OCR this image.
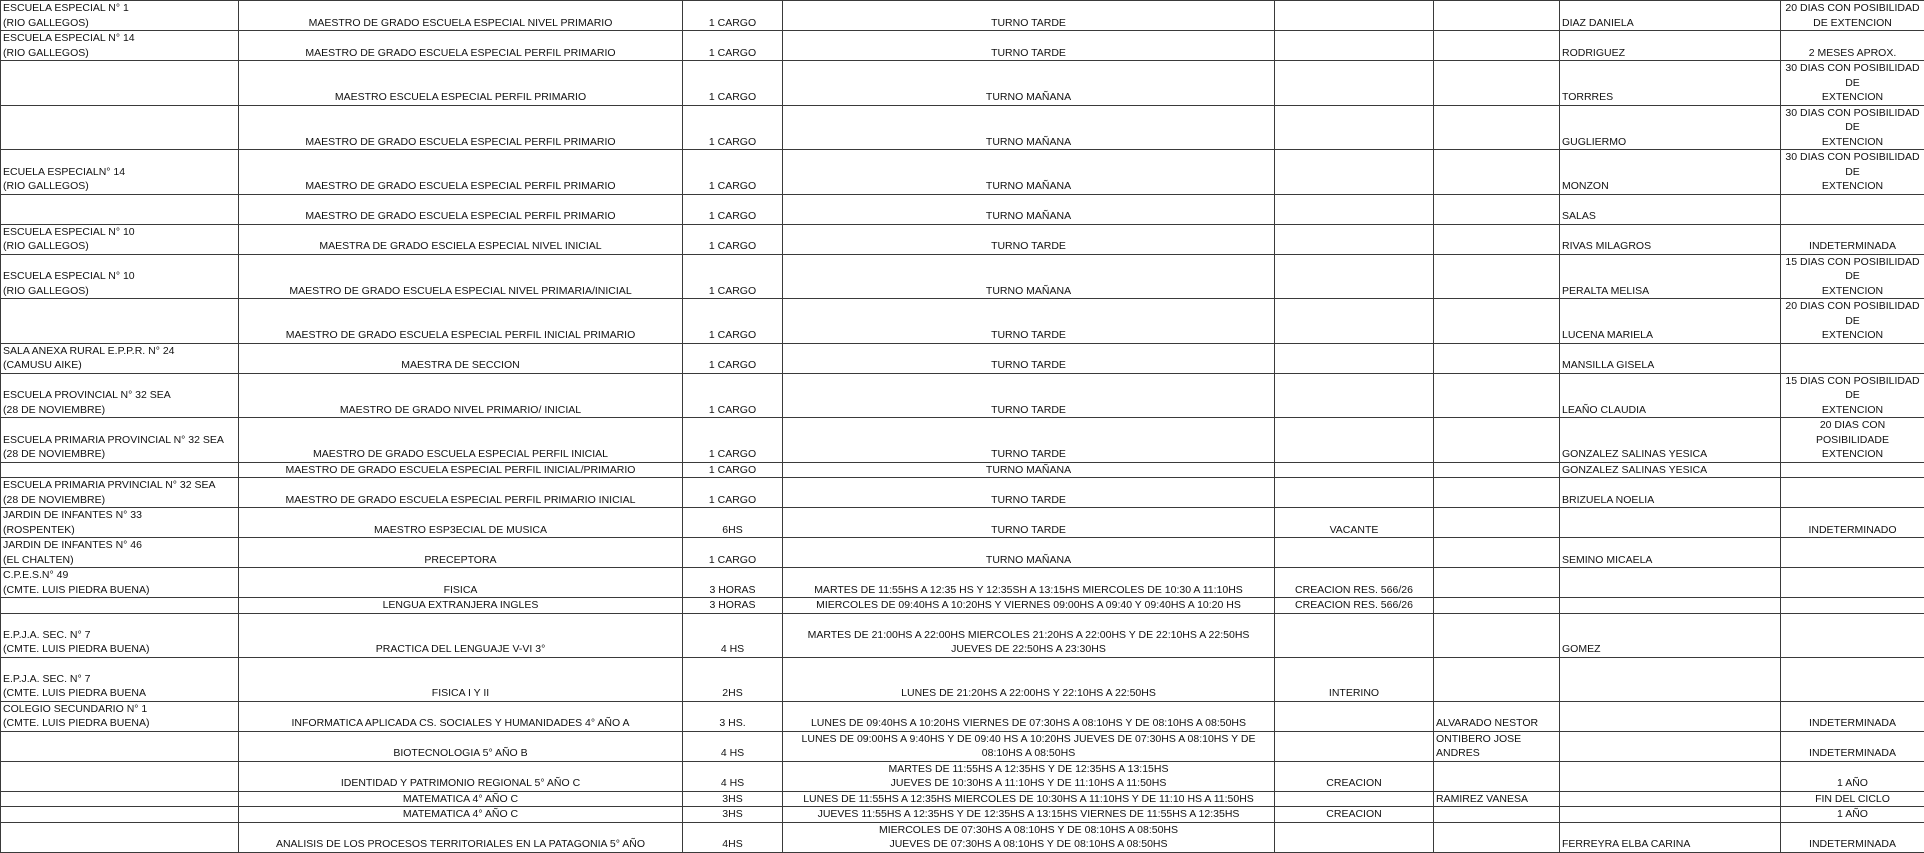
ESCUELA ESPECIAL N° 1
(RIO GALLEGOS)	MAESTRO DE GRADO ESCUELA ESPECIAL NIVEL PRIMARIO	1 CARGO	TURNO TARDE			DIAZ DANIELA	20 DIAS CON POSIBILIDAD
DE EXTENCION
ESCUELA ESPECIAL N° 14
(RIO GALLEGOS)	MAESTRO DE GRADO ESCUELA ESPECIAL PERFIL PRIMARIO	1 CARGO	TURNO TARDE			RODRIGUEZ	2 MESES APROX.
	MAESTRO ESCUELA ESPECIAL PERFIL PRIMARIO	1 CARGO	TURNO MAÑANA			TORRRES	30 DIAS CON POSIBILIDAD DE
EXTENCION
	MAESTRO DE GRADO ESCUELA ESPECIAL PERFIL PRIMARIO	1 CARGO	TURNO MAÑANA			GUGLIERMO	30 DIAS CON POSIBILIDAD DE
EXTENCION
ECUELA ESPECIALN° 14
(RIO GALLEGOS)	MAESTRO DE GRADO ESCUELA ESPECIAL PERFIL PRIMARIO	1 CARGO	TURNO MAÑANA			MONZON	30 DIAS CON POSIBILIDAD DE
EXTENCION
	MAESTRO DE GRADO ESCUELA ESPECIAL PERFIL PRIMARIO	1 CARGO	TURNO MAÑANA			SALAS	
ESCUELA ESPECIAL N° 10
(RIO GALLEGOS)	MAESTRA DE GRADO ESCIELA ESPECIAL NIVEL INICIAL	1 CARGO	TURNO TARDE			RIVAS MILAGROS	INDETERMINADA
ESCUELA ESPECIAL N° 10
(RIO GALLEGOS)	MAESTRO DE GRADO ESCUELA ESPECIAL NIVEL PRIMARIA/INICIAL	1 CARGO	TURNO MAÑANA			PERALTA MELISA	15 DIAS CON POSIBILIDAD DE
EXTENCION
	MAESTRO DE GRADO ESCUELA ESPECIAL PERFIL INICIAL PRIMARIO	1 CARGO	TURNO TARDE			LUCENA MARIELA	20 DIAS CON POSIBILIDAD DE
EXTENCION
SALA ANEXA RURAL E.P.P.R. N° 24
(CAMUSU AIKE)	MAESTRA DE SECCION	1 CARGO	TURNO TARDE			MANSILLA GISELA	
ESCUELA PROVINCIAL N° 32 SEA
(28 DE NOVIEMBRE)	MAESTRO DE GRADO NIVEL PRIMARIO/ INICIAL	1 CARGO	TURNO TARDE			LEAÑO CLAUDIA	15 DIAS CON POSIBILIDAD DE
EXTENCION
ESCUELA PRIMARIA PROVINCIAL N° 32 SEA
(28 DE NOVIEMBRE)	MAESTRO DE GRADO ESCUELA ESPECIAL PERFIL INICIAL	1 CARGO	TURNO TARDE			GONZALEZ SALINAS YESICA	20 DIAS CON POSIBILIDADE
EXTENCION
	MAESTRO DE GRADO ESCUELA ESPECIAL PERFIL INICIAL/PRIMARIO	1 CARGO	TURNO MAÑANA			GONZALEZ SALINAS YESICA	
ESCUELA PRIMARIA PRVINCIAL N° 32 SEA
(28 DE NOVIEMBRE)	MAESTRO DE GRADO ESCUELA ESPECIAL PERFIL PRIMARIO INICIAL	1 CARGO	TURNO TARDE			BRIZUELA NOELIA	
JARDIN DE INFANTES N° 33
(ROSPENTEK)	MAESTRO ESP3ECIAL DE MUSICA	6HS	TURNO TARDE	VACANTE			INDETERMINADO
JARDIN DE INFANTES N° 46
(EL CHALTEN)	PRECEPTORA	1 CARGO	TURNO MAÑANA			SEMINO MICAELA	
C.P.E.S.N° 49
(CMTE. LUIS PIEDRA BUENA)	FISICA	3 HORAS	MARTES DE 11:55HS A 12:35 HS Y 12:35SH A 13:15HS MIERCOLES DE 10:30 A 11:10HS	CREACION RES. 566/26			
	LENGUA EXTRANJERA INGLES	3 HORAS	MIERCOLES DE 09:40HS A 10:20HS Y VIERNES 09:00HS A 09:40 Y 09:40HS A 10:20 HS	CREACION RES. 566/26			
E.P.J.A. SEC. N° 7
(CMTE. LUIS PIEDRA BUENA)	PRACTICA DEL LENGUAJE V-VI 3°	4 HS	MARTES DE 21:00HS A 22:00HS MIERCOLES 21:20HS A 22:00HS Y DE 22:10HS A 22:50HS
JUEVES DE 22:50HS A 23:30HS			GOMEZ	
E.P.J.A. SEC. N° 7
(CMTE. LUIS PIEDRA BUENA	FISICA I Y II	2HS	LUNES DE 21:20HS A 22:00HS Y 22:10HS A 22:50HS	INTERINO			
COLEGIO SECUNDARIO N° 1
(CMTE. LUIS PIEDRA BUENA)	INFORMATICA APLICADA CS. SOCIALES Y HUMANIDADES 4° AÑO A	3 HS.	LUNES DE 09:40HS A 10:20HS VIERNES DE 07:30HS A 08:10HS Y DE 08:10HS A 08:50HS		ALVARADO NESTOR		INDETERMINADA
	BIOTECNOLOGIA 5° AÑO B	4 HS	LUNES DE 09:00HS A 9:40HS Y DE 09:40 HS A 10:20HS JUEVES DE 07:30HS A 08:10HS Y DE
08:10HS A 08:50HS		ONTIBERO JOSE ANDRES		INDETERMINADA
	IDENTIDAD Y PATRIMONIO REGIONAL 5° AÑO C	4 HS	MARTES DE 11:55HS A 12:35HS Y DE 12:35HS A 13:15HS
JUEVES DE 10:30HS A 11:10HS Y DE 11:10HS A 11:50HS	CREACION			1 AÑO
	MATEMATICA 4° AÑO C	3HS	LUNES DE 11:55HS A 12:35HS MIERCOLES DE 10:30HS A 11:10HS Y DE 11:10 HS A 11:50HS		RAMIREZ VANESA		FIN DEL CICLO
	MATEMATICA 4° AÑO C	3HS	JUEVES 11:55HS A 12:35HS Y DE 12:35HS A 13:15HS VIERNES DE 11:55HS A 12:35HS	CREACION			1 AÑO
	ANALISIS DE LOS PROCESOS TERRITORIALES EN LA PATAGONIA 5° AÑO	4HS	MIERCOLES DE 07:30HS A 08:10HS Y DE 08:10HS A 08:50HS
JUEVES DE 07:30HS A 08:10HS Y DE 08:10HS A 08:50HS			FERREYRA ELBA CARINA	INDETERMINADA
